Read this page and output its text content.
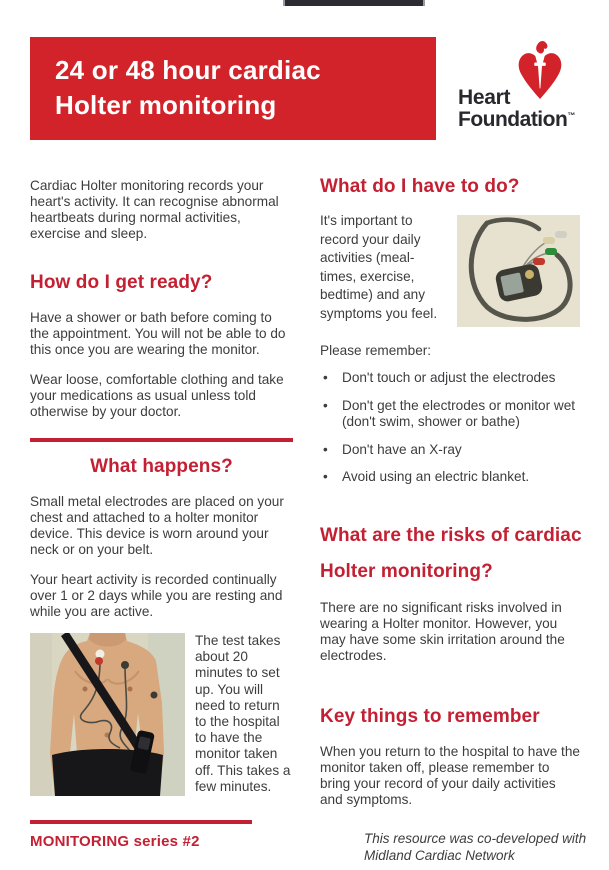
24 or 48 hour cardiac
Holter monitoring	Heart
Foundation™

Cardiac Holter monitoring records your heart's activity. It can recognise abnormal heartbeats during normal activities, exercise and sleep.

How do I get ready?

Have a shower or bath before coming to the appointment. You will not be able to do this once you are wearing the monitor.

Wear loose, comfortable clothing and take your medications as usual unless told otherwise by your doctor.

What happens?

Small metal electrodes are placed on your chest and attached to a holter monitor device. This device is worn around your neck or on your belt.

Your heart activity is recorded continually over 1 or 2 days while you are resting and while you are active.

The test takes about 20 minutes to set up. You will need to return to the hospital to have the monitor taken off. This takes a few minutes.
What do I have to do?
It's important to record your daily activities (meal-times, exercise, bedtime) and any symptoms you feel.

Please remember:

• Don't touch or adjust the electrodes
• Don't get the electrodes or monitor wet (don't swim, shower or bathe)
• Don't have an X-ray
• Avoid using an electric blanket.
What are the risks of cardiac Holter monitoring?

There are no significant risks involved in wearing a Holter monitor. However, you may have some skin irritation around the electrodes.

Key things to remember

When you return to the hospital to have the monitor taken off, please remember to bring your record of your daily activities and symptoms.

MONITORING series #2	This resource was co-developed with Midland Cardiac Network
